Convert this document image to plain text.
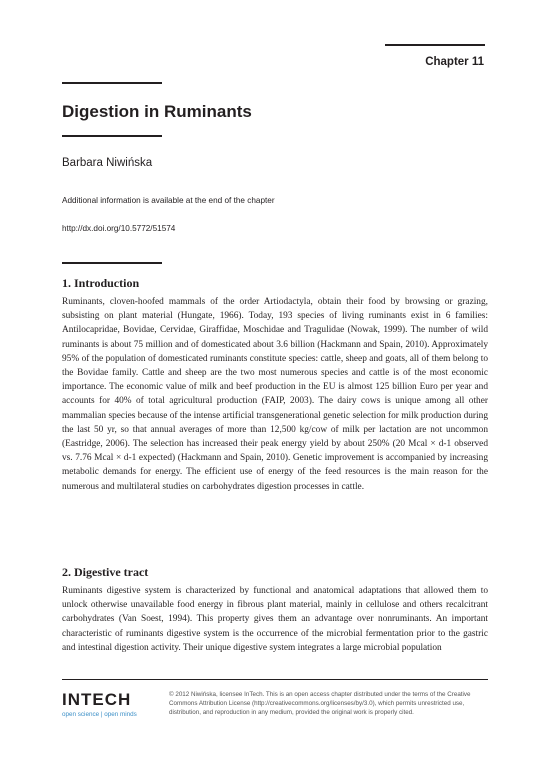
Chapter 11
Digestion in Ruminants
Barbara Niwińska
Additional information is available at the end of the chapter
http://dx.doi.org/10.5772/51574
1. Introduction

Ruminants, cloven-hoofed mammals of the order Artiodactyla, obtain their food by browsing or grazing, subsisting on plant material (Hungate, 1966). Today, 193 species of living ruminants exist in 6 families: Antilocapridae, Bovidae, Cervidae, Giraffidae, Moschidae and Tragulidae (Nowak, 1999). The number of wild ruminants is about 75 million and of domesticated about 3.6 billion (Hackmann and Spain, 2010). Approximately 95% of the population of domesticated ruminants constitute species: cattle, sheep and goats, all of them belong to the Bovidae family. Cattle and sheep are the two most numerous species and cattle is of the most economic importance. The economic value of milk and beef production in the EU is almost 125 billion Euro per year and accounts for 40% of total agricultural production (FAIP, 2003). The dairy cows is unique among all other mammalian species because of the intense artificial transgenerational genetic selection for milk production during the last 50 yr, so that annual averages of more than 12,500 kg/cow of milk per lactation are not uncommon (Eastridge, 2006). The selection has increased their peak energy yield by about 250% (20 Mcal × d-1 observed vs. 7.76 Mcal × d-1 expected) (Hackmann and Spain, 2010). Genetic improvement is accompanied by increasing metabolic demands for energy. The efficient use of energy of the feed resources is the main reason for the numerous and multilateral studies on carbohydrates digestion processes in cattle.

2. Digestive tract

Ruminants digestive system is characterized by functional and anatomical adaptations that allowed them to unlock otherwise unavailable food energy in fibrous plant material, mainly in cellulose and others recalcitrant carbohydrates (Van Soest, 1994). This property gives them an advantage over nonruminants. An important characteristic of ruminants digestive system is the occurrence of the microbial fermentation prior to the gastric and intestinal digestion activity. Their unique digestive system integrates a large microbial population

INTECH
open science | open minds
© 2012 Niwińska, licensee InTech. This is an open access chapter distributed under the terms of the Creative Commons Attribution License (http://creativecommons.org/licenses/by/3.0), which permits unrestricted use, distribution, and reproduction in any medium, provided the original work is properly cited.
